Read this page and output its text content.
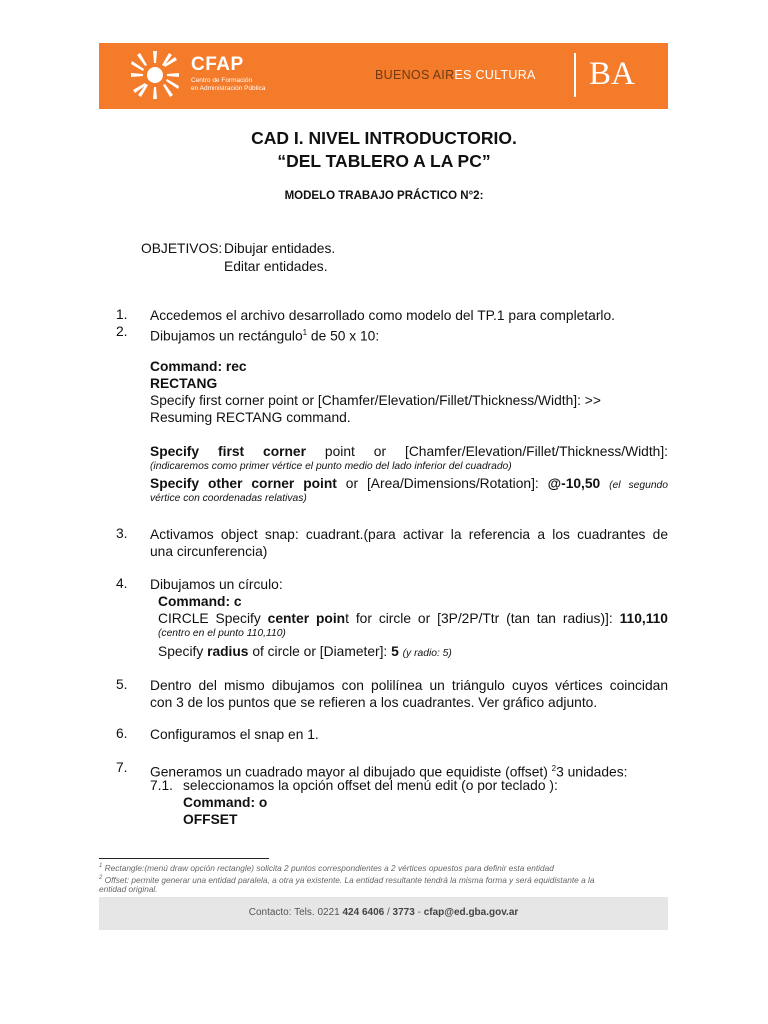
CFAP
Centro de Formación
en Administración Pública
BUENOS AIRES CULTURA BA
CAD I. NIVEL INTRODUCTORIO.
“DEL TABLERO A LA PC”
MODELO TRABAJO PRÁCTICO N°2:
OBJETIVOS: Dibujar entidades.
Editar entidades.
1. Accedemos el archivo desarrollado como modelo del TP.1 para completarlo.
2. Dibujamos un rectángulo$^1$ de 50 x 10:
Command: rec
RECTANG
Specify first corner point or [Chamfer/Elevation/Fillet/Thickness/Width]: >>
Resuming RECTANG command.
Specify first corner point or [Chamfer/Elevation/Fillet/Thickness/Width]:
(indicaremos como primer vértice el punto medio del lado inferior del cuadrado)
Specify other corner point or [Area/Dimensions/Rotation]: @-10,50 (el segundo
vértice con coordenadas relativas)
3. Activamos object snap: cuadrant.(para activar la referencia a los cuadrantes de
una circunferencia)
4. Dibujamos un círculo:
Command: c
CIRCLE Specify center point for circle or [3P/2P/Ttr (tan tan radius)]: 110,110
(centro en el punto 110,110)
Specify radius of circle or [Diameter]: 5 (y radio: 5)
5. Dentro del mismo dibujamos con polilínea un triángulo cuyos vértices coincidan
con 3 de los puntos que se refieren a los cuadrantes. Ver gráfico adjunto.
6. Configuramos el snap en 1.
7. Generamos un cuadrado mayor al dibujado que equidiste (offset) $^2$3 unidades:
7.1. seleccionamos la opción offset del menú edit (o por teclado ):
Command: o
OFFSET
$^1$ Rectangle:(menú draw opción rectangle) solicita 2 puntos correspondientes a 2 vértices opuestos para definir esta entidad
$^2$ Offset: permite generar una entidad paralela, a otra ya existente. La entidad resultante tendrá la misma forma y será equidistante a la
entidad original.
Contacto: Tels. 0221 424 6406 / 3773 - cfap@ed.gba.gov.ar
